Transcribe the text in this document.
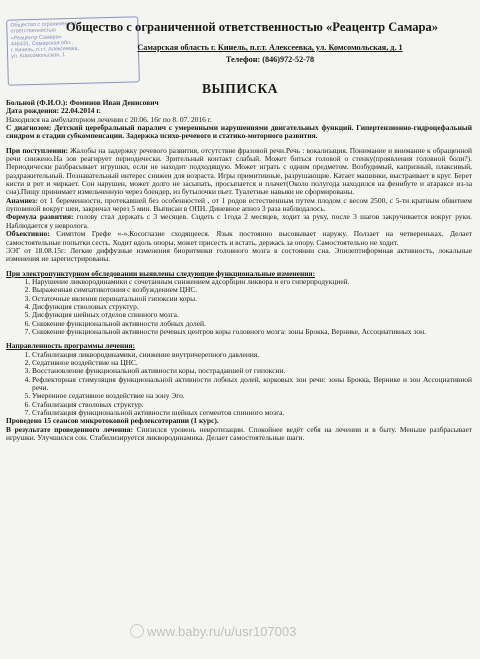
Общество с ограниченной
ответственностью
«Реацентр Самара»
446431, Самарская обл.,
г. Кинель, п.г.т. Алексеевка,
ул. Комсомольская, 1
Общество с ограниченной ответственностью «Реацентр Самара»
Самарская область г. Кинель, п.г.т. Алексеевка, ул. Комсомольская, д. 1
Телефон: (846)972-52-78
ВЫПИСКА

Больной (Ф.И.О.): Фоминов Иван Денисович

Дата рождения: 22.04.2014 г.

Находился на амбулаторном лечении с 20.06. 16г по 8. 07. 2016 г.

С диагнозом: Детский церебральный паралич с умеренными нарушениями двигательных функций. Гипертензионно-гидроцефальный синдром в стадии субкомпенсации. Задержка психо-речевого и статико-моторного развития.

При поступлении: Жалобы на задержку речевого развития, отсутствие фразовой речи.Речь : вокализация. Понимание и внимание к обращенной речи снижено.На зов реагирует периодически. Зрительный контакт слабый. Может биться головой о стенку(проявления головной боли?). Периодически разбрасывает игрушки, если не находит подходящую. Может играть с одним предметом. Возбудимый, капризный, плаксивый, раздражительный. Познавательный интерес снижен для возраста. Игры примитивные, разрушающие. Катает машинки, выстраивает в круг. Берет кисти в рот и чиркает. Сон нарушен, может долго не засыпать, просыпается и плачет(Около полугода находился на фенибуте и атараксе из-за сна).Пищу принимает измельченную через блендер, из бутылочки пьет. Туалетные навыки не сформированы.

Анамнез: от 1 беременности, протекавшей без особенностей , от 1 родов естественным путем плодом с весом 2500, с 5-ти кратным обвитием пуповиной вокруг шеи, закричал через 5 мин. Выписан в ОПН. Диневное апноэ 3 раза наблюдалось.

Формула развития: голову стал держать с 3 месяцев. Сидеть с 1года 2 месяцев, ходит за руку, после 3 шагов закручивается вокруг руки. Наблюдается у невролога.

Объективно: Симптом Грефе «-».Косоглазие сходящееся. Язык постоянно высовывает наружу. Ползает на четвереньках. Делает самостоятельные попытки сесть. Ходит вдоль опоры, может присесть и встать, держась за опору. Самостоятельно не ходит.

ЭЭГ от 18.08.15г: Легкие диффузные изменения биоритмики головного мозга в состоянии сна. Эпилептиформная активность, локальные изменения не зарегистрированы.

При электропунктурном обследовании выявлены следующие функциональные изменения:

1. Нарушение ликвородинамики с сочетанным снижением адсорбции ликвора и его гиперпродукцией.
2. Выраженная симпатикотония с возбуждением ЦНС.
3. Остаточные явления перинатальной гипоксии коры.
4. Дисфункция стволовых структур.
5. Дисфункция шейных отделов спинного мозга.
6. Снижение функциональной активности лобных долей.
7. Снижение функциональной активности речевых центров коры головного мозга: зоны Брокка, Вернике, Ассоциативных зон.

Направленность программы лечения:

1. Стабилизация ликвородинамики, снижение внутричерепного давления.
2. Седативное воздействие на ЦНС.
3. Восстановление функциональной активности коры, пострадавшей от гипоксии.
4. Рефлекторная стимуляция функциональной активности лобных долей, корковых зон речи: зоны Брокка, Вернике и зон Ассоциативной речи.
5. Умеренное седативное воздействие на зону Эго.
6. Стабилизация стволовых структур.
7. Стабилизация функциональной активности шейных сегментов спинного мозга.

Проведено 15 сеансов микротоковой рефлексотерапии (1 курс).

В результате проведенного лечения: Снизился уровень невротизации. Спокойнее ведёт себя на лечении и в быту. Меньше разбрасывает игрушки. Улучшился сон. Стабилизируется ликвородинамика. Делает самостоятельные шаги.

www.baby.ru/u/usr107003
